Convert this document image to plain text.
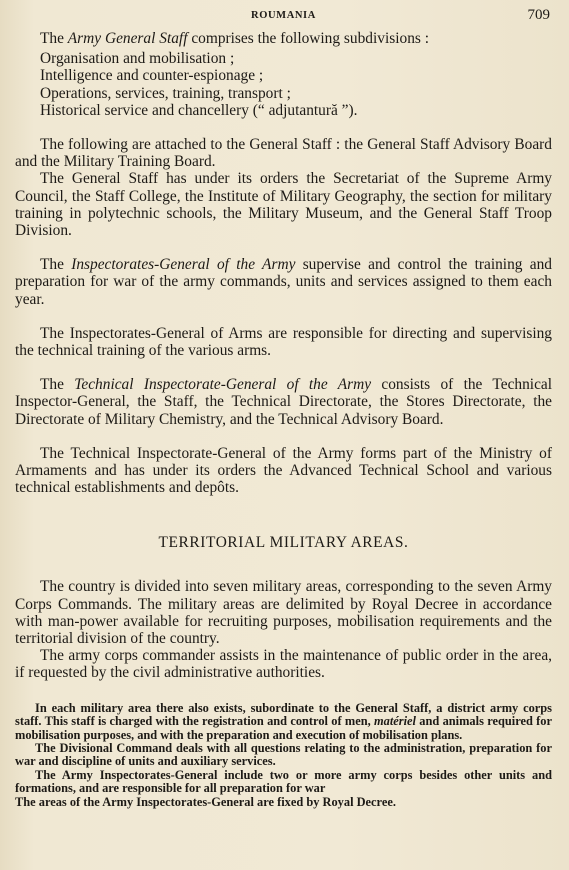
ROUMANIA	709

The Army General Staff comprises the following subdivisions :

Organisation and mobilisation ;
Intelligence and counter-espionage ;
Operations, services, training, transport ;
Historical service and chancellery (“ adjutantură ”).

The following are attached to the General Staff : the General Staff Advisory Board and the Military Training Board.

The General Staff has under its orders the Secretariat of the Supreme Army Council, the Staff College, the Institute of Military Geography, the section for military training in polytechnic schools, the Military Museum, and the General Staff Troop Division.

The Inspectorates-General of the Army supervise and control the training and preparation for war of the army commands, units and services assigned to them each year.

The Inspectorates-General of Arms are responsible for directing and supervising the technical training of the various arms.

The Technical Inspectorate-General of the Army consists of the Technical Inspector-General, the Staff, the Technical Directorate, the Stores Directorate, the Directorate of Military Chemistry, and the Technical Advisory Board.

The Technical Inspectorate-General of the Army forms part of the Ministry of Armaments and has under its orders the Advanced Technical School and various technical establishments and depôts.

TERRITORIAL MILITARY AREAS.

The country is divided into seven military areas, corresponding to the seven Army Corps Commands. The military areas are delimited by Royal Decree in accordance with man-power available for recruiting purposes, mobilisation requirements and the territorial division of the country.

The army corps commander assists in the maintenance of public order in the area, if requested by the civil administrative authorities.

In each military area there also exists, subordinate to the General Staff, a district army corps staff. This staff is charged with the registration and control of men, matériel and animals required for mobilisation purposes, and with the preparation and execution of mobilisation plans.

The Divisional Command deals with all questions relating to the administration, preparation for war and discipline of units and auxiliary services.

The Army Inspectorates-General include two or more army corps besides other units and formations, and are responsible for all preparation for war

The areas of the Army Inspectorates-General are fixed by Royal Decree.
